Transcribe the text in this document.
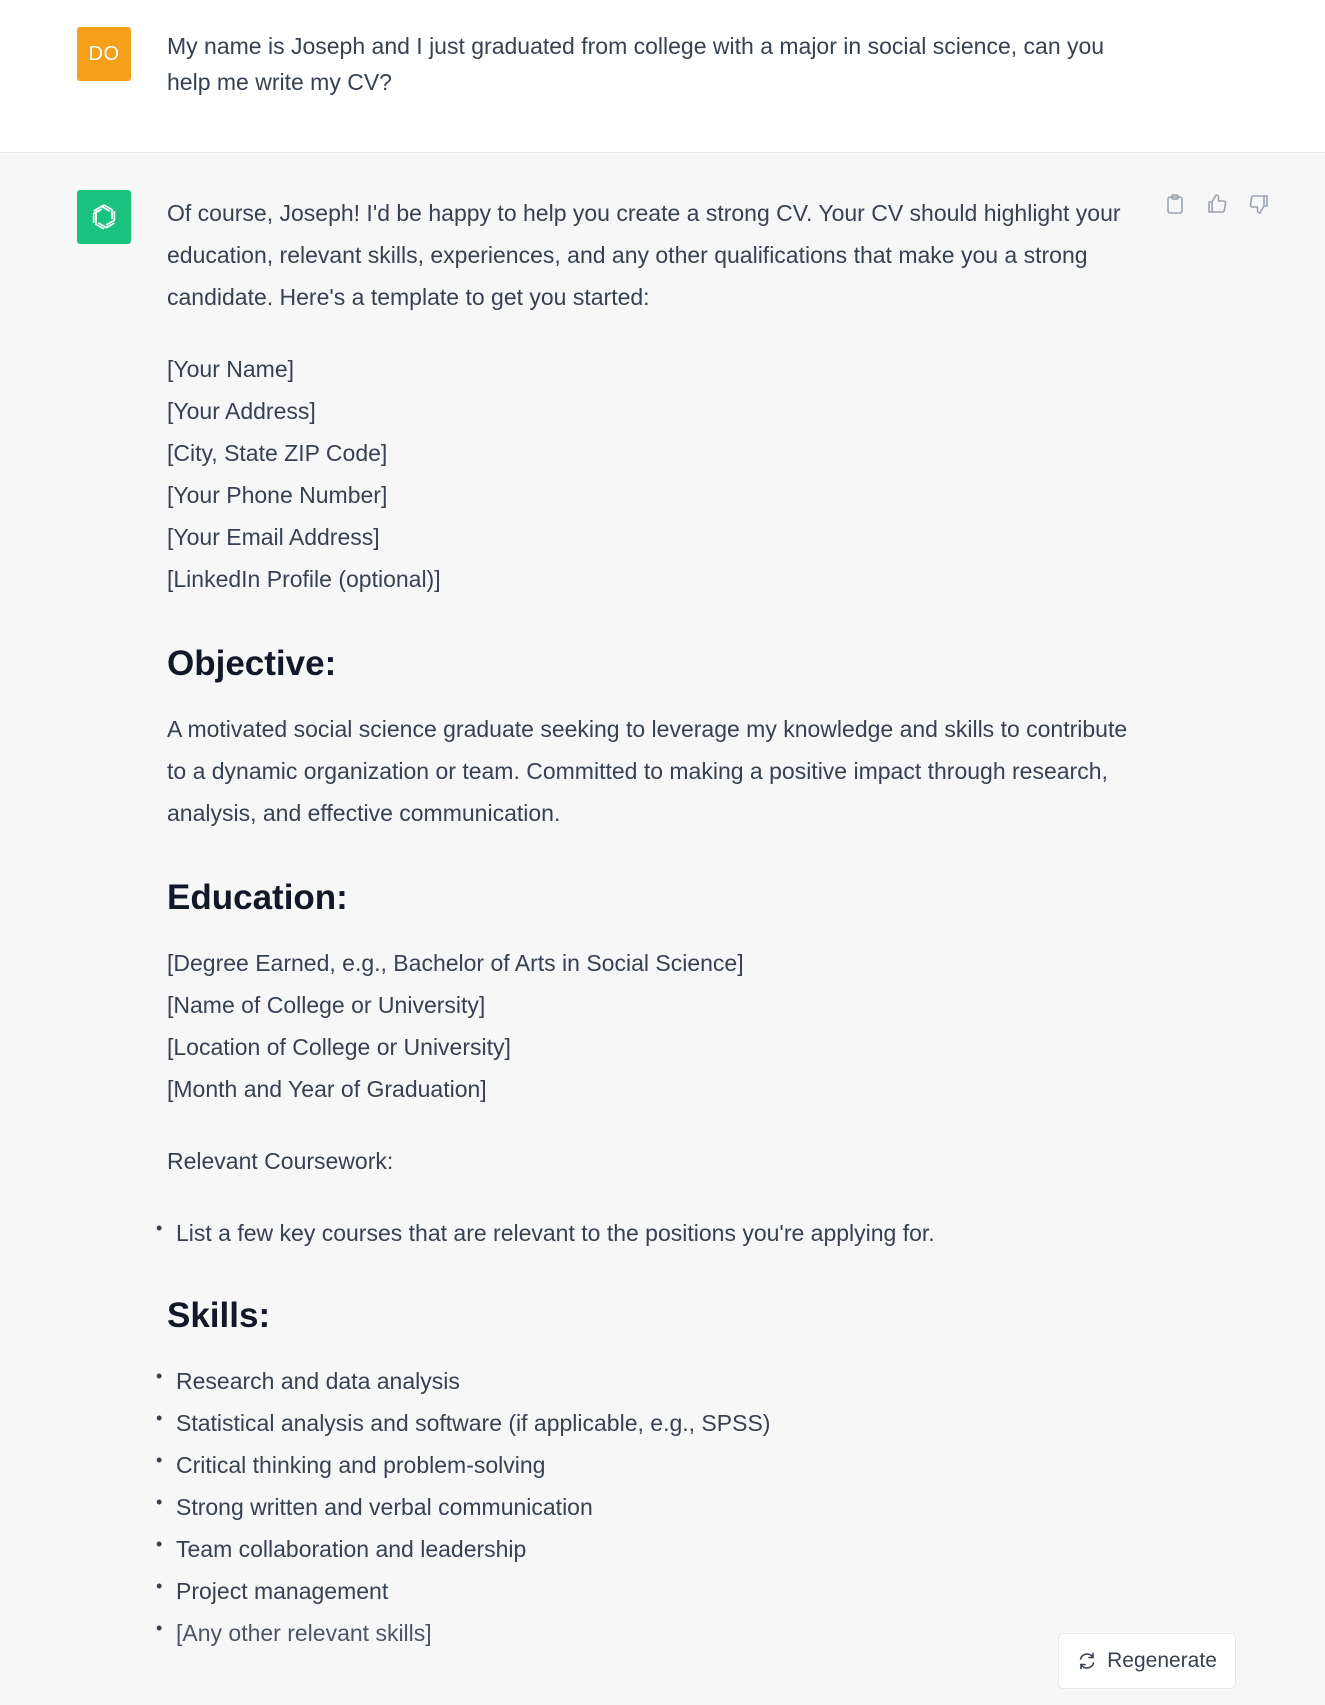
DO My name is Joseph and I just graduated from college with a major in social science, can you help me write my CV?

Of course, Joseph! I'd be happy to help you create a strong CV. Your CV should highlight your education, relevant skills, experiences, and any other qualifications that make you a strong candidate. Here's a template to get you started:

[Your Name]
[Your Address]
[City, State ZIP Code]
[Your Phone Number]
[Your Email Address]
[LinkedIn Profile (optional)]
Objective:

A motivated social science graduate seeking to leverage my knowledge and skills to contribute to a dynamic organization or team. Committed to making a positive impact through research, analysis, and effective communication.

Education:
[Degree Earned, e.g., Bachelor of Arts in Social Science]
[Name of College or University]
[Location of College or University]
[Month and Year of Graduation]

Relevant Coursework:

• List a few key courses that are relevant to the positions you're applying for.
Skills:
• Research and data analysis
• Statistical analysis and software (if applicable, e.g., SPSS)
• Critical thinking and problem-solving
• Strong written and verbal communication
• Team collaboration and leadership
• Project management
• [Any other relevant skills]
Regenerate
